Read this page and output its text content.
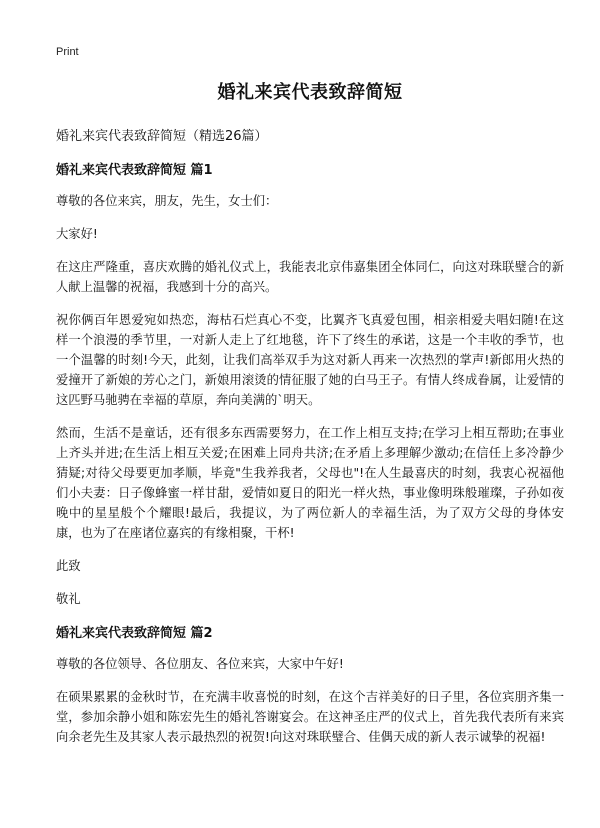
Print
婚礼来宾代表致辞简短

婚礼来宾代表致辞简短（精选26篇）

婚礼来宾代表致辞简短 篇1

尊敬的各位来宾，朋友，先生，女士们：

大家好!

在这庄严隆重，喜庆欢腾的婚礼仪式上，我能表北京伟嘉集团全体同仁，向这对珠联璧合的新人献上温馨的祝福，我感到十分的高兴。

祝你俩百年恩爱宛如热恋，海枯石烂真心不变，比翼齐飞真爱包围，相亲相爱夫唱妇随!在这样一个浪漫的季节里，一对新人走上了红地毯，许下了终生的承诺，这是一个丰收的季节，也一个温馨的时刻!今天，此刻，让我们高举双手为这对新人再来一次热烈的掌声!新郎用火热的爱撞开了新娘的芳心之门，新娘用滚烫的情征服了她的白马王子。有情人终成眷属，让爱情的这匹野马驰骋在幸福的草原，奔向美满的`明天。

然而，生活不是童话，还有很多东西需要努力，在工作上相互支持;在学习上相互帮助;在事业上齐头并进;在生活上相互关爱;在困难上同舟共济;在矛盾上多理解少激动;在信任上多冷静少猜疑;对待父母要更加孝顺，毕竟"生我养我者，父母也"!在人生最喜庆的时刻，我衷心祝福他们小夫妻：日子像蜂蜜一样甘甜，爱情如夏日的阳光一样火热，事业像明珠般璀璨，子孙如夜晚中的星星般个个耀眼!最后，我提议，为了两位新人的幸福生活，为了双方父母的身体安康，也为了在座诸位嘉宾的有缘相聚，干杯!

此致

敬礼

婚礼来宾代表致辞简短 篇2

尊敬的各位领导、各位朋友、各位来宾，大家中午好!

在硕果累累的金秋时节，在充满丰收喜悦的时刻，在这个吉祥美好的日子里，各位宾朋齐集一堂，参加余静小姐和陈宏先生的婚礼答谢宴会。在这神圣庄严的仪式上，首先我代表所有来宾向余老先生及其家人表示最热烈的祝贺!向这对珠联璧合、佳偶天成的新人表示诚挚的祝福!
